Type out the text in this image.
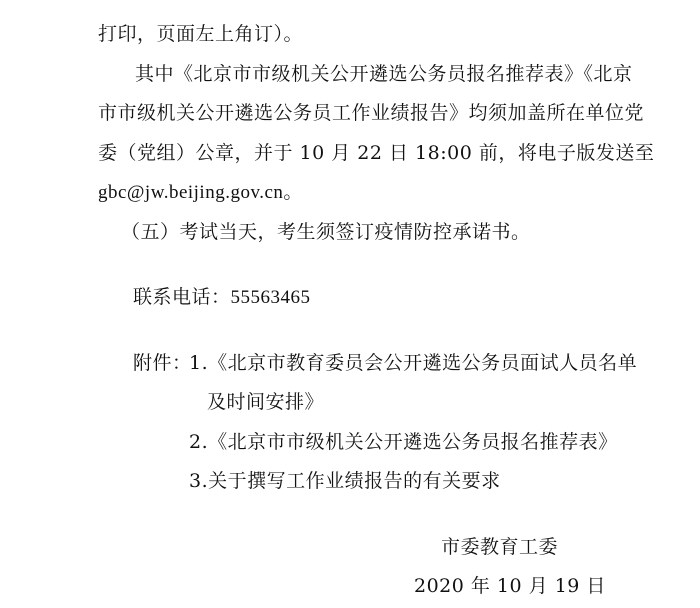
打印，页面左上角订）。
其中《北京市市级机关公开遴选公务员报名推荐表》《北京
市市级机关公开遴选公务员工作业绩报告》均须加盖所在单位党
委（党组）公章，并于 10 月 22 日 18:00 前，将电子版发送至
gbc@jw.beijing.gov.cn。
（五）考试当天，考生须签订疫情防控承诺书。
联系电话：55563465
附件：
1.《北京市教育委员会公开遴选公务员面试人员名单
及时间安排》
2.《北京市市级机关公开遴选公务员报名推荐表》
3.关于撰写工作业绩报告的有关要求
市委教育工委
2020 年 10 月 19 日
